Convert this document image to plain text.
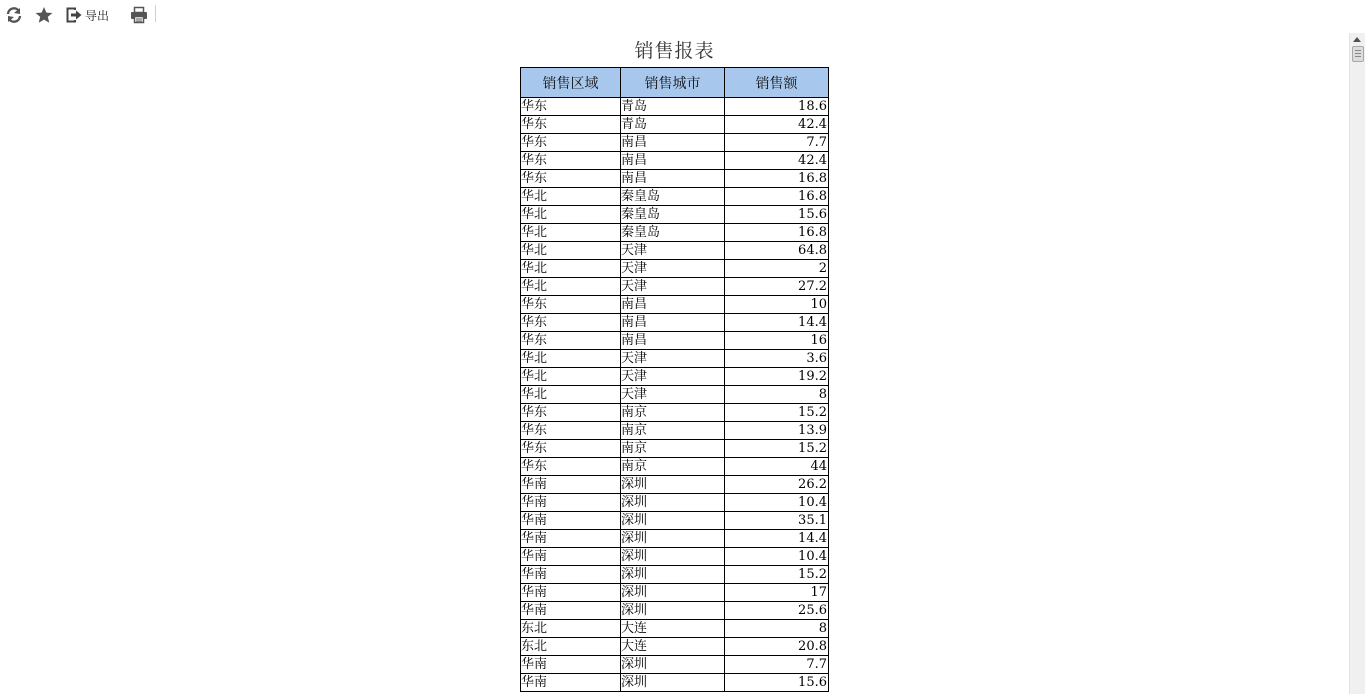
导出
销售报表
销售区域	销售城市	销售额
华东	青岛	18.6
华东	青岛	42.4
华东	南昌	7.7
华东	南昌	42.4
华东	南昌	16.8
华北	秦皇岛	16.8
华北	秦皇岛	15.6
华北	秦皇岛	16.8
华北	天津	64.8
华北	天津	2
华北	天津	27.2
华东	南昌	10
华东	南昌	14.4
华东	南昌	16
华北	天津	3.6
华北	天津	19.2
华北	天津	8
华东	南京	15.2
华东	南京	13.9
华东	南京	15.2
华东	南京	44
华南	深圳	26.2
华南	深圳	10.4
华南	深圳	35.1
华南	深圳	14.4
华南	深圳	10.4
华南	深圳	15.2
华南	深圳	17
华南	深圳	25.6
东北	大连	8
东北	大连	20.8
华南	深圳	7.7
华南	深圳	15.6
